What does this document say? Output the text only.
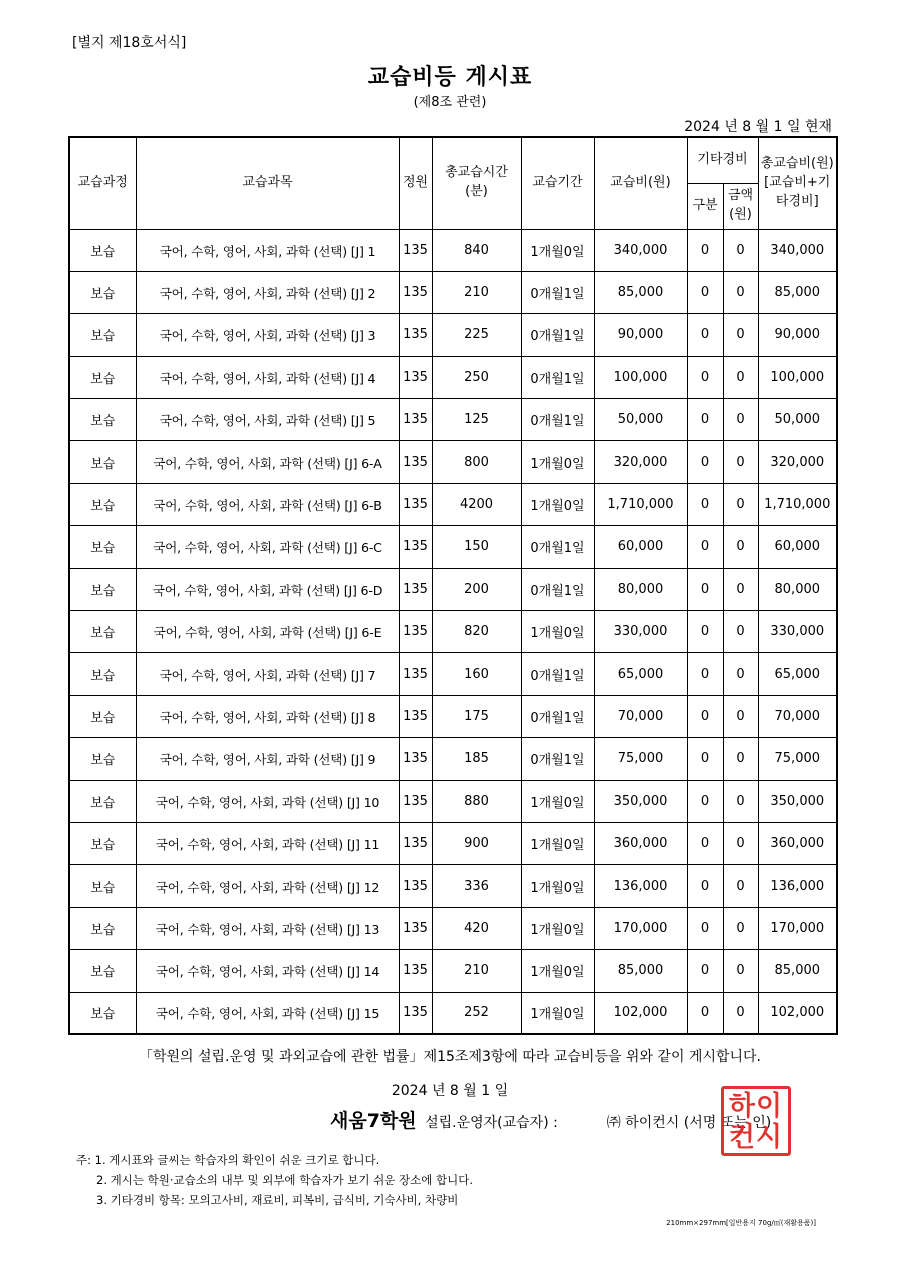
[별지 제18호서식]
교습비등 게시표
(제8조 관련)
2024 년 8 월 1 일 현재
교습과정	교습과목	정원	총교습시간(분)	교습기간	교습비(원)	기타경비		총교습비(원)[교습비+기타경비]
						구분	금액(원)	
보습	국어, 수학, 영어, 사회, 과학 (선택) [J] 1	135	840	1개월0일	340,000	0	0	340,000
보습	국어, 수학, 영어, 사회, 과학 (선택) [J] 2	135	210	0개월1일	85,000	0	0	85,000
보습	국어, 수학, 영어, 사회, 과학 (선택) [J] 3	135	225	0개월1일	90,000	0	0	90,000
보습	국어, 수학, 영어, 사회, 과학 (선택) [J] 4	135	250	0개월1일	100,000	0	0	100,000
보습	국어, 수학, 영어, 사회, 과학 (선택) [J] 5	135	125	0개월1일	50,000	0	0	50,000
보습	국어, 수학, 영어, 사회, 과학 (선택) [J] 6-A	135	800	1개월0일	320,000	0	0	320,000
보습	국어, 수학, 영어, 사회, 과학 (선택) [J] 6-B	135	4200	1개월0일	1,710,000	0	0	1,710,000
보습	국어, 수학, 영어, 사회, 과학 (선택) [J] 6-C	135	150	0개월1일	60,000	0	0	60,000
보습	국어, 수학, 영어, 사회, 과학 (선택) [J] 6-D	135	200	0개월1일	80,000	0	0	80,000
보습	국어, 수학, 영어, 사회, 과학 (선택) [J] 6-E	135	820	1개월0일	330,000	0	0	330,000
보습	국어, 수학, 영어, 사회, 과학 (선택) [J] 7	135	160	0개월1일	65,000	0	0	65,000
보습	국어, 수학, 영어, 사회, 과학 (선택) [J] 8	135	175	0개월1일	70,000	0	0	70,000
보습	국어, 수학, 영어, 사회, 과학 (선택) [J] 9	135	185	0개월1일	75,000	0	0	75,000
보습	국어, 수학, 영어, 사회, 과학 (선택) [J] 10	135	880	1개월0일	350,000	0	0	350,000
보습	국어, 수학, 영어, 사회, 과학 (선택) [J] 11	135	900	1개월0일	360,000	0	0	360,000
보습	국어, 수학, 영어, 사회, 과학 (선택) [J] 12	135	336	1개월0일	136,000	0	0	136,000
보습	국어, 수학, 영어, 사회, 과학 (선택) [J] 13	135	420	1개월0일	170,000	0	0	170,000
보습	국어, 수학, 영어, 사회, 과학 (선택) [J] 14	135	210	1개월0일	85,000	0	0	85,000
보습	국어, 수학, 영어, 사회, 과학 (선택) [J] 15	135	252	1개월0일	102,000	0	0	102,000
「학원의 설립.운영 및 과외교습에 관한 법률」제15조제3항에 따라 교습비등을 위와 같이 게시합니다.
2024 년 8 월 1 일
새움7학원 설립.운영자(교습자) :	㈜ 하이컨시 (서명 또는 인)
하이
컨시
주: 1. 게시표와 글씨는 학습자의 확인이 쉬운 크기로 합니다.
2. 게시는 학원·교습소의 내부 및 외부에 학습자가 보기 쉬운 장소에 합니다.
3. 기타경비 항목: 모의고사비, 재료비, 피복비, 급식비, 기숙사비, 차량비
210mm×297mm[일반용지 70g/㎡(재활용품)]
